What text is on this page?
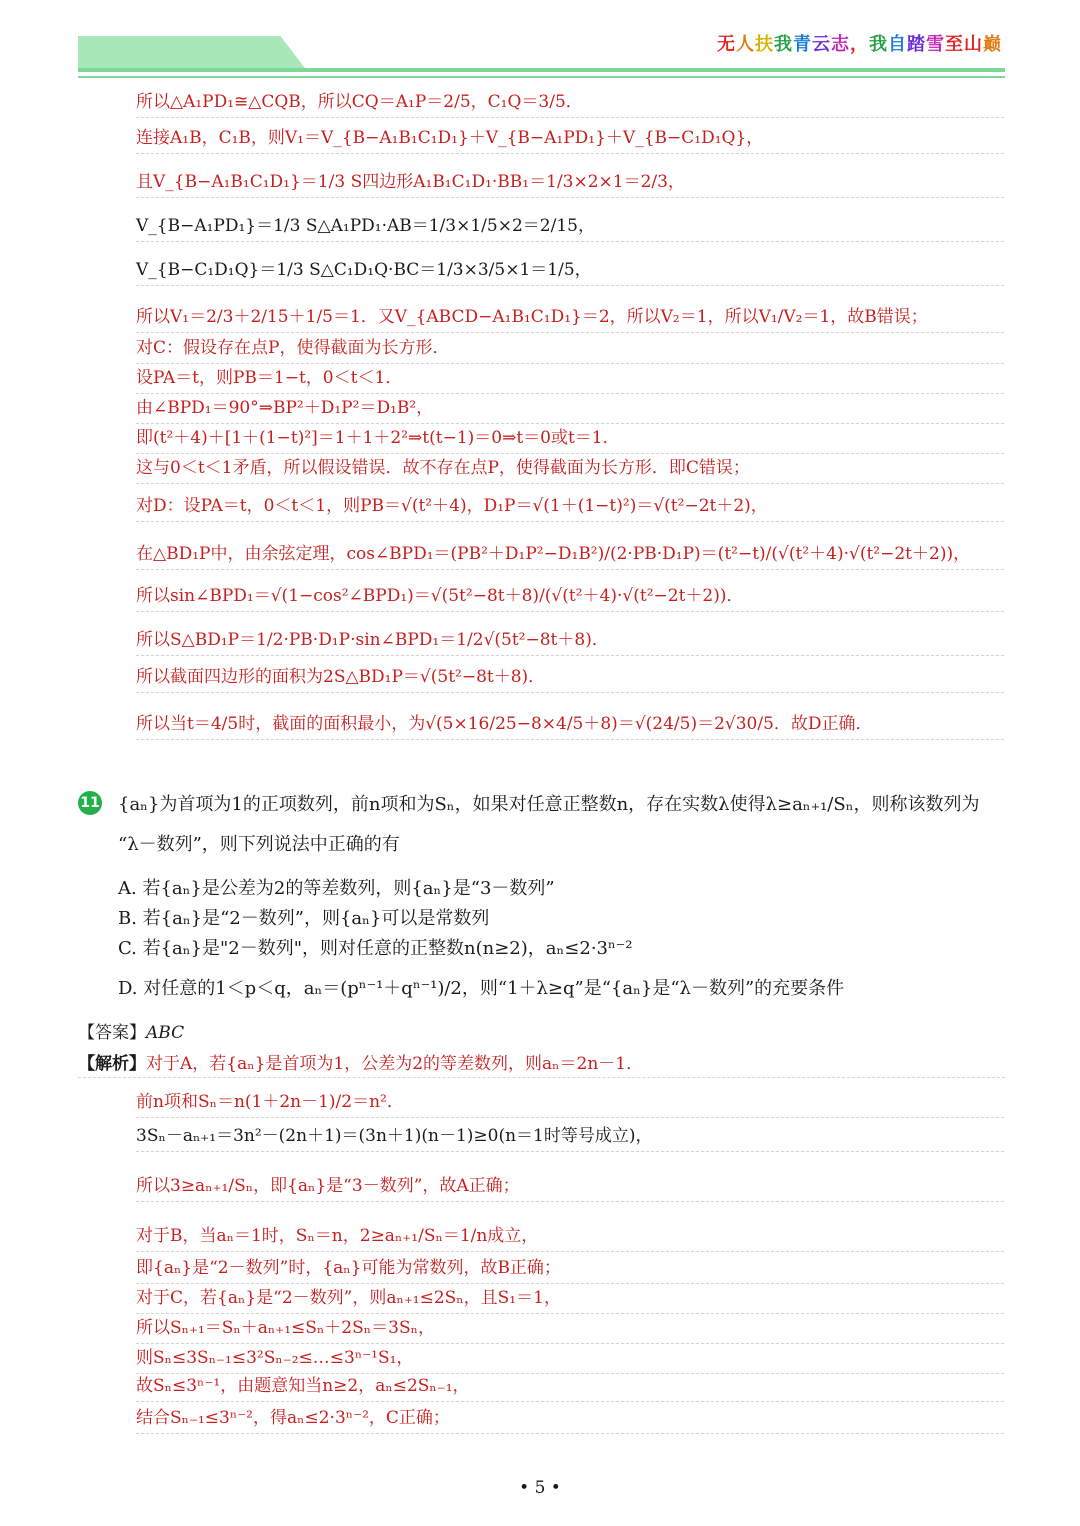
无人扶我青云志，我自踏雪至山巅
所以△A₁PD₁≅△CQB，所以CQ＝A₁P＝2/5，C₁Q＝3/5．
连接A₁B，C₁B，则V₁＝V_{B−A₁B₁C₁D₁}＋V_{B−A₁PD₁}＋V_{B−C₁D₁Q}，
且V_{B−A₁B₁C₁D₁}＝1/3 S四边形A₁B₁C₁D₁·BB₁＝1/3×2×1＝2/3，
V_{B−A₁PD₁}＝1/3 S△A₁PD₁·AB＝1/3×1/5×2＝2/15，
V_{B−C₁D₁Q}＝1/3 S△C₁D₁Q·BC＝1/3×3/5×1＝1/5，
所以V₁＝2/3＋2/15＋1/5＝1．又V_{ABCD−A₁B₁C₁D₁}＝2，所以V₂＝1，所以V₁/V₂＝1，故B错误；
对C：假设存在点P，使得截面为长方形．
设PA＝t，则PB＝1−t，0＜t＜1．
由∠BPD₁＝90°⇒BP²＋D₁P²＝D₁B²，
即(t²＋4)＋[1＋(1−t)²]＝1＋1＋2²⇒t(t−1)＝0⇒t＝0或t＝1．
这与0＜t＜1矛盾，所以假设错误．故不存在点P，使得截面为长方形．即C错误；
对D：设PA＝t，0＜t＜1，则PB＝√(t²＋4)，D₁P＝√(1＋(1−t)²)＝√(t²−2t＋2)，
在△BD₁P中，由余弦定理，cos∠BPD₁＝(PB²＋D₁P²−D₁B²)/(2·PB·D₁P)＝(t²−t)/(√(t²＋4)·√(t²−2t＋2))，
所以sin∠BPD₁＝√(1−cos²∠BPD₁)＝√(5t²−8t＋8)/(√(t²＋4)·√(t²−2t＋2))．
所以S△BD₁P＝1/2·PB·D₁P·sin∠BPD₁＝1/2√(5t²−8t＋8)．
所以截面四边形的面积为2S△BD₁P＝√(5t²−8t＋8)．
所以当t＝4/5时，截面的面积最小，为√(5×16/25−8×4/5＋8)＝√(24/5)＝2√30/5．故D正确．
11 {aₙ}为首项为1的正项数列，前n项和为Sₙ，如果对任意正整数n，存在实数λ使得λ≥aₙ₊₁/Sₙ，则称该数列为
“λ－数列”，则下列说法中正确的有
A. 若{aₙ}是公差为2的等差数列，则{aₙ}是“3－数列”
B. 若{aₙ}是“2－数列”，则{aₙ}可以是常数列
C. 若{aₙ}是"2－数列"，则对任意的正整数n(n≥2)，aₙ≤2·3ⁿ⁻²
D. 对任意的1＜p＜q，aₙ＝(pⁿ⁻¹＋qⁿ⁻¹)/2，则“1＋λ≥q”是“{aₙ}是“λ－数列”的充要条件
【答案】ABC
【解析】对于A，若{aₙ}是首项为1，公差为2的等差数列，则aₙ＝2n－1．
前n项和Sₙ＝n(1＋2n－1)/2＝n²．
3Sₙ－aₙ₊₁＝3n²－(2n＋1)＝(3n＋1)(n－1)≥0(n＝1时等号成立)，
所以3≥aₙ₊₁/Sₙ，即{aₙ}是“3－数列”，故A正确；
对于B，当aₙ＝1时，Sₙ＝n，2≥aₙ₊₁/Sₙ＝1/n成立，
即{aₙ}是“2－数列”时，{aₙ}可能为常数列，故B正确；
对于C，若{aₙ}是“2－数列”，则aₙ₊₁≤2Sₙ，且S₁＝1，
所以Sₙ₊₁＝Sₙ＋aₙ₊₁≤Sₙ＋2Sₙ＝3Sₙ，
则Sₙ≤3Sₙ₋₁≤3²Sₙ₋₂≤…≤3ⁿ⁻¹S₁，
故Sₙ≤3ⁿ⁻¹，由题意知当n≥2，aₙ≤2Sₙ₋₁，
结合Sₙ₋₁≤3ⁿ⁻²，得aₙ≤2·3ⁿ⁻²，C正确；
• 5 •
